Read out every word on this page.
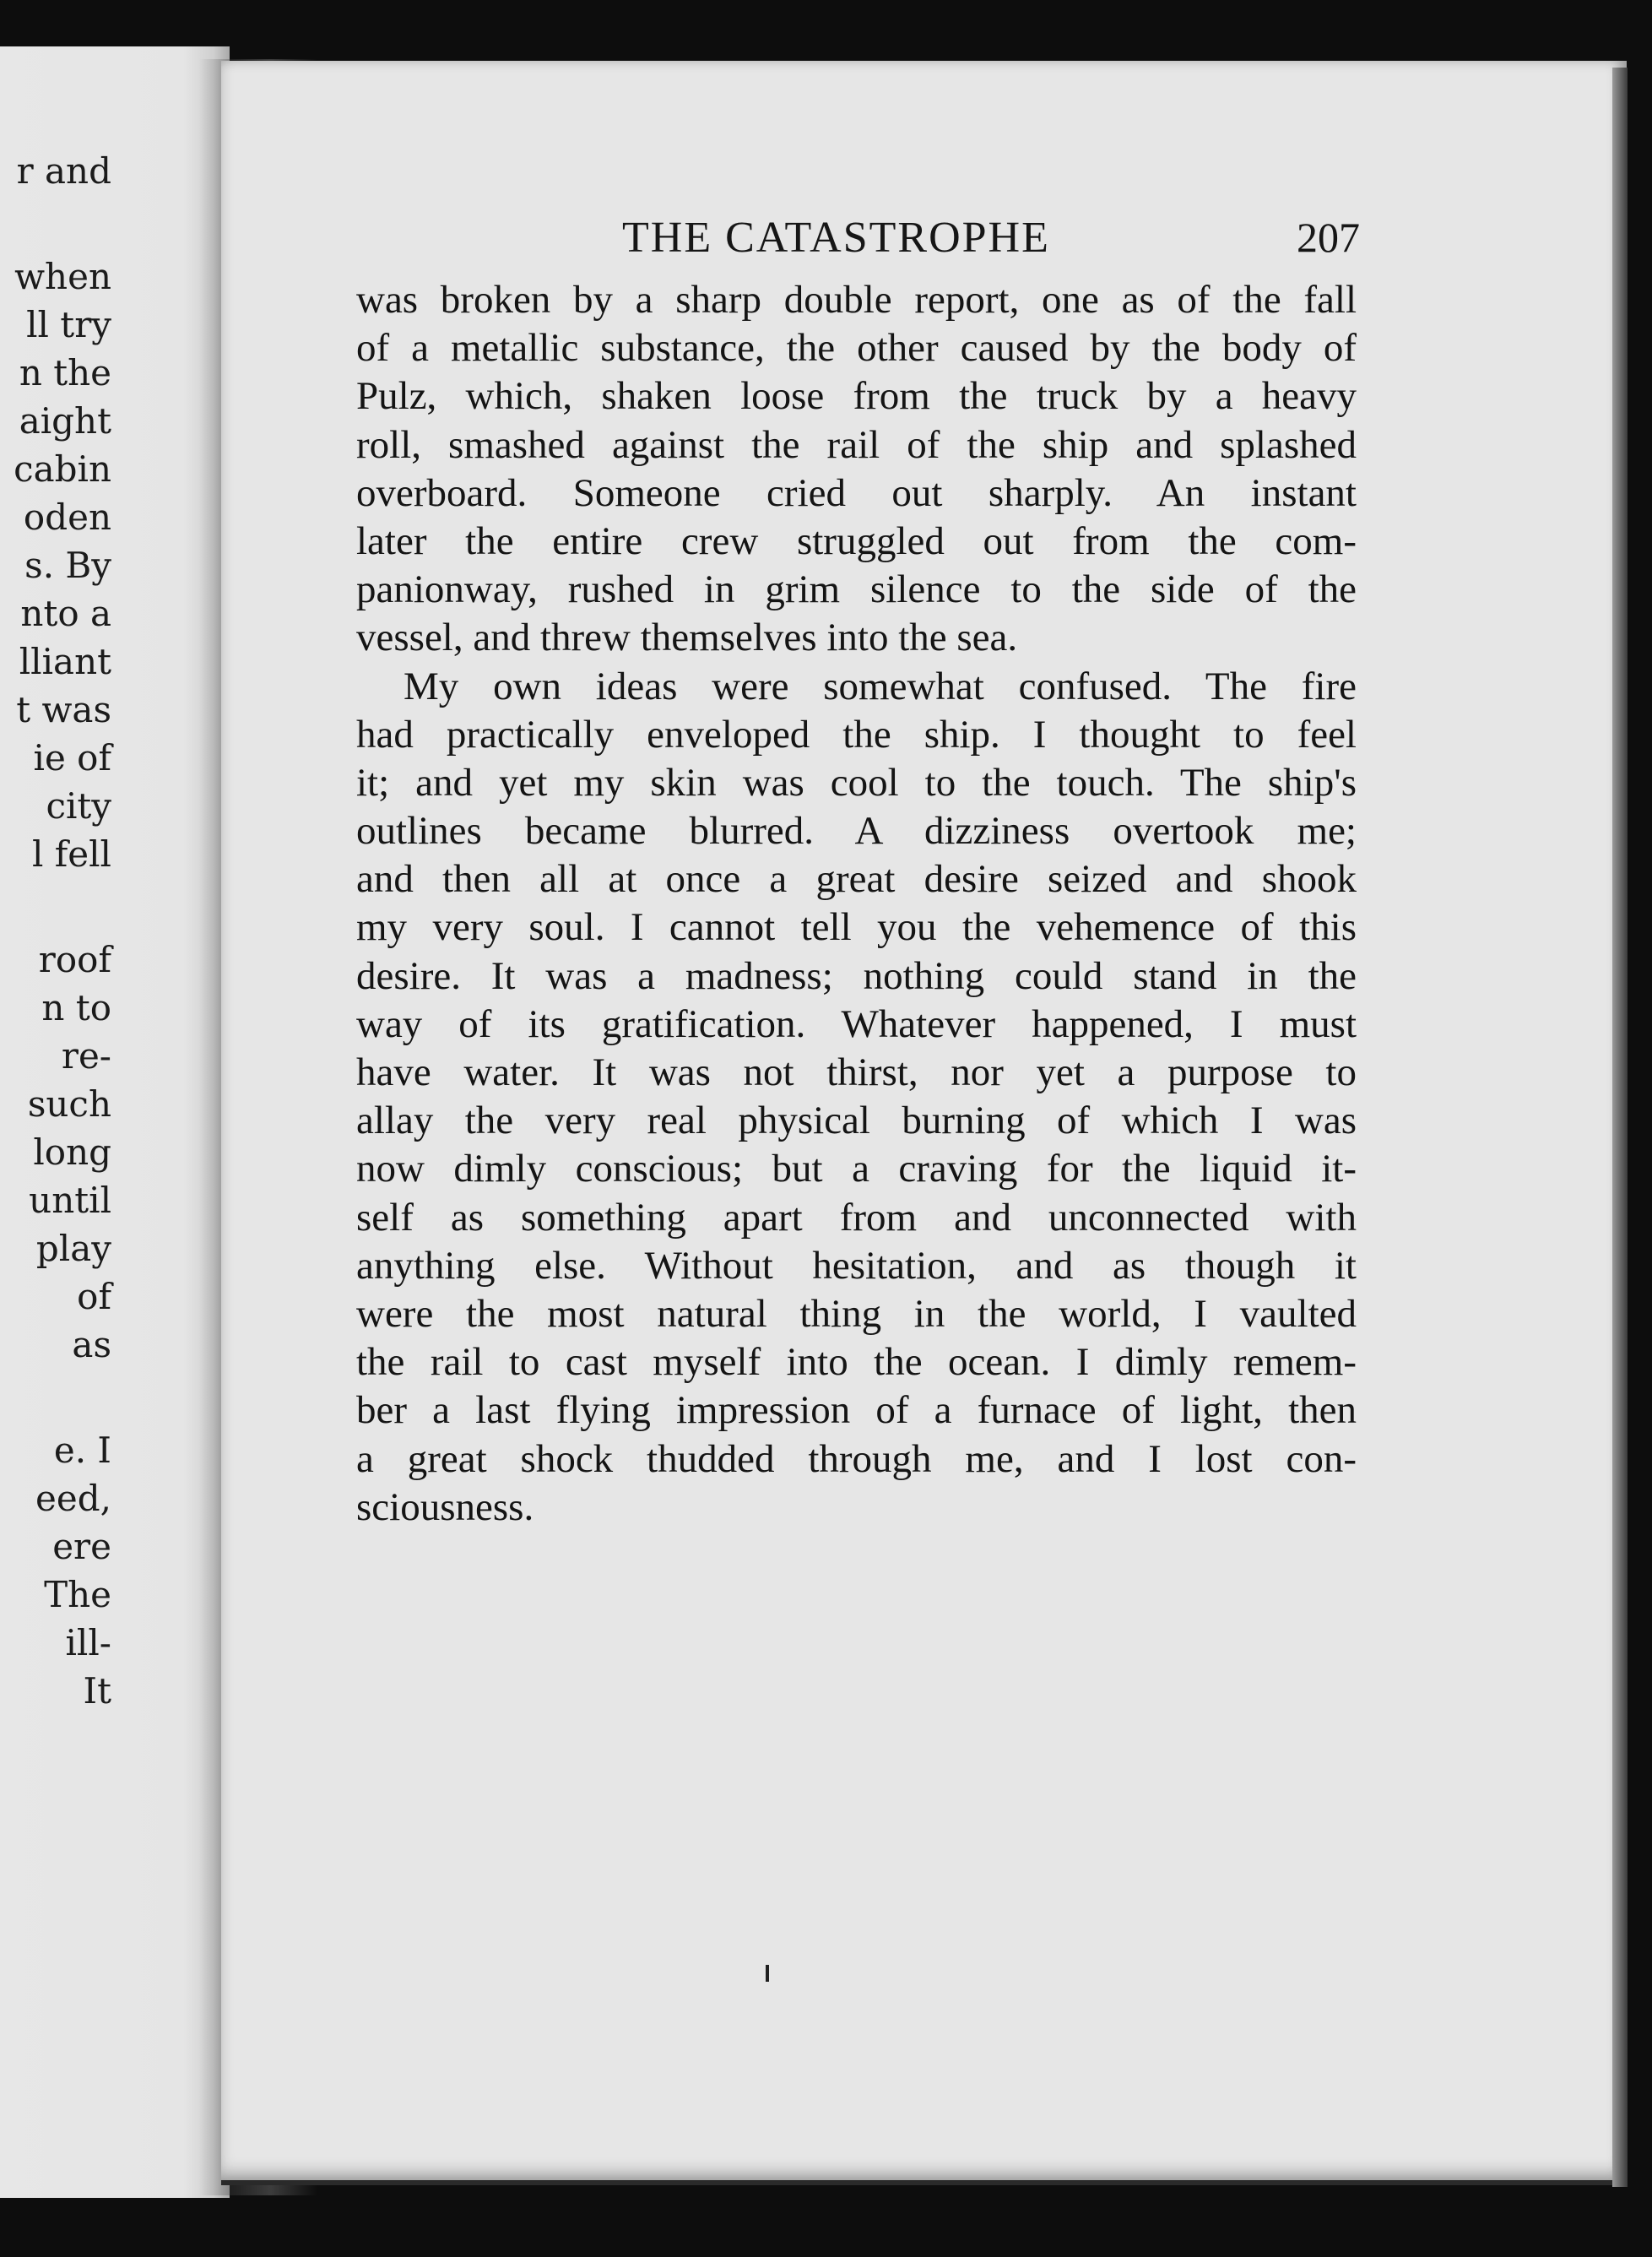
r and

when

ll try

n the

aight

cabin

oden

s. By

nto a

lliant

t was

ie of

city

l fell

roof

n to

re-

such

long

until

play

of

as

e. I

eed,

ere

The

ill-

It

THE CATASTROPHE	207

was broken by a sharp double report, one as of the fall

of a metallic substance, the other caused by the body of

Pulz, which, shaken loose from the truck by a heavy

roll, smashed against the rail of the ship and splashed

overboard. Someone cried out sharply. An instant

later the entire crew struggled out from the com-

panionway, rushed in grim silence to the side of the

vessel, and threw themselves into the sea.

My own ideas were somewhat confused. The fire

had practically enveloped the ship. I thought to feel

it; and yet my skin was cool to the touch. The ship's

outlines became blurred. A dizziness overtook me;

and then all at once a great desire seized and shook

my very soul. I cannot tell you the vehemence of this

desire. It was a madness; nothing could stand in the

way of its gratification. Whatever happened, I must

have water. It was not thirst, nor yet a purpose to

allay the very real physical burning of which I was

now dimly conscious; but a craving for the liquid it-

self as something apart from and unconnected with

anything else. Without hesitation, and as though it

were the most natural thing in the world, I vaulted

the rail to cast myself into the ocean. I dimly remem-

ber a last flying impression of a furnace of light, then

a great shock thudded through me, and I lost con-

sciousness.
